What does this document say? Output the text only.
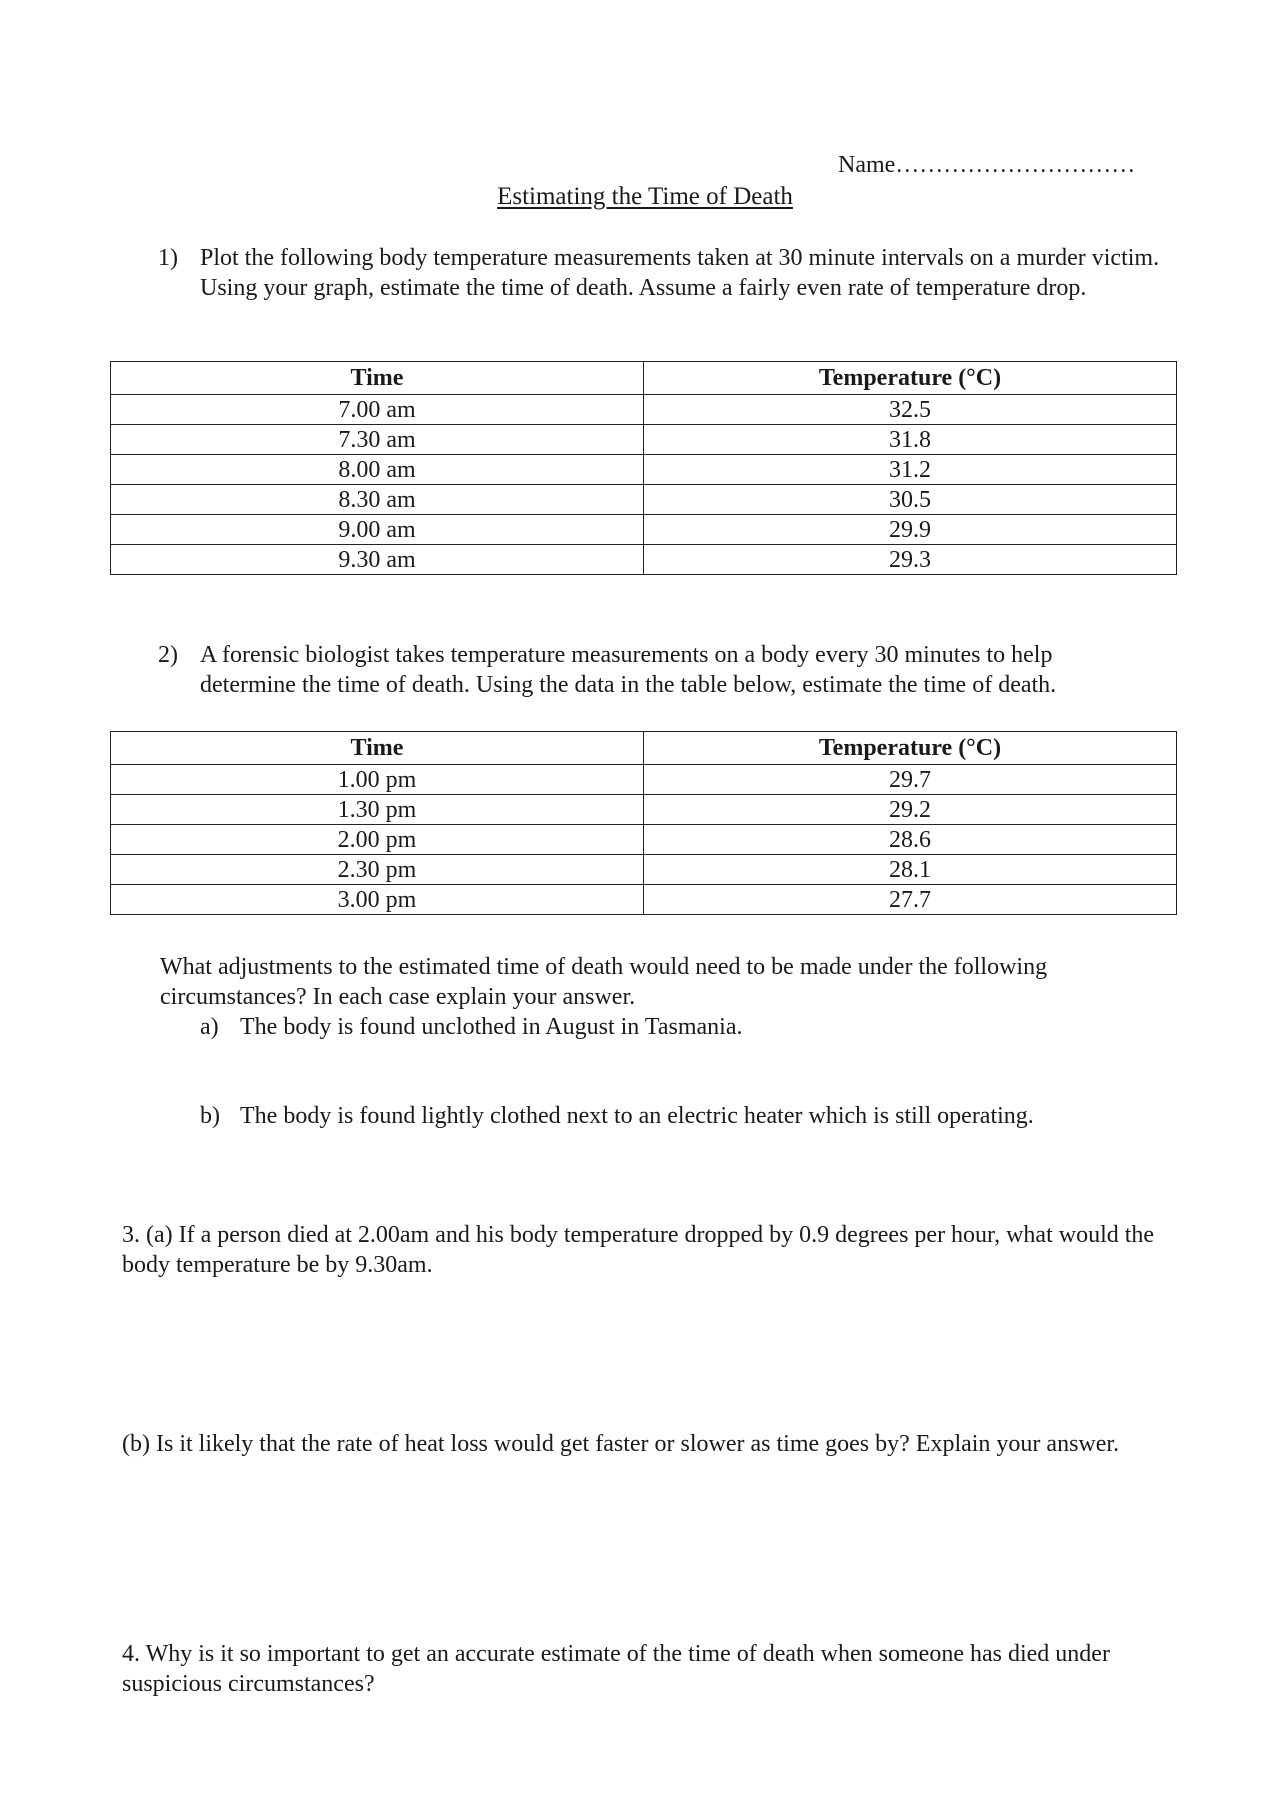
Name…………………………
Estimating the Time of Death
1) Plot the following body temperature measurements taken at 30 minute intervals on a murder victim. Using your graph, estimate the time of death. Assume a fairly even rate of temperature drop.
Time	Temperature (°C)
7.00 am	32.5
7.30 am	31.8
8.00 am	31.2
8.30 am	30.5
9.00 am	29.9
9.30 am	29.3
2) A forensic biologist takes temperature measurements on a body every 30 minutes to help determine the time of death. Using the data in the table below, estimate the time of death.
Time	Temperature (°C)
1.00 pm	29.7
1.30 pm	29.2
2.00 pm	28.6
2.30 pm	28.1
3.00 pm	27.7
What adjustments to the estimated time of death would need to be made under the following circumstances? In each case explain your answer.
a) The body is found unclothed in August in Tasmania.
b) The body is found lightly clothed next to an electric heater which is still operating.
3. (a) If a person died at 2.00am and his body temperature dropped by 0.9 degrees per hour, what would the body temperature be by 9.30am.
(b) Is it likely that the rate of heat loss would get faster or slower as time goes by? Explain your answer.
4. Why is it so important to get an accurate estimate of the time of death when someone has died under suspicious circumstances?
